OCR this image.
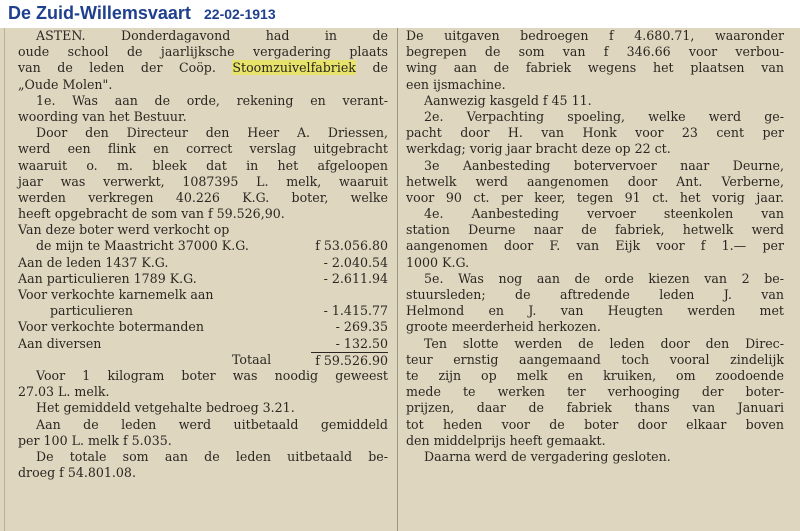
De Zuid-Willemsvaart 22-02-1913
ASTEN. Donderdagavond had in de
oude school de jaarlijksche vergadering plaats
van de leden der Coöp. Stoomzuivelfabriek de
„Oude Molen".
1e. Was aan de orde, rekening en verant-
woording van het Bestuur.
Door den Directeur den Heer A. Driessen,
werd een flink en correct verslag uitgebracht
waaruit o. m. bleek dat in het afgeloopen
jaar was verwerkt, 1087395 L. melk, waaruit
werden verkregen 40.226 K.G. boter, welke
heeft opgebracht de som van f 59.526,90.
Van deze boter werd verkocht op
de mijn te Maastricht 37000 K.G.	f 53.056.80
Aan de leden 1437 K.G.	- 2.040.54
Aan particulieren 1789 K.G.	- 2.611.94
Voor verkochte karnemelk aan
particulieren	- 1.415.77
Voor verkochte botermanden	- 269.35
Aan diversen	- 132.50
Totaal	f 59.526.90
Voor 1 kilogram boter was noodig geweest
27.03 L. melk.
Het gemiddeld vetgehalte bedroeg 3.21.
Aan de leden werd uitbetaald gemiddeld
per 100 L. melk f 5.035.
De totale som aan de leden uitbetaald be-
droeg f 54.801.08.
De uitgaven bedroegen f 4.680.71, waaronder
begrepen de som van f 346.66 voor verbou-
wing aan de fabriek wegens het plaatsen van
een ijsmachine.
Aanwezig kasgeld f 45 11.
2e. Verpachting spoeling, welke werd ge-
pacht door H. van Honk voor 23 cent per
werkdag; vorig jaar bracht deze op 22 ct.
3e Aanbesteding botervervoer naar Deurne,
hetwelk werd aangenomen door Ant. Verberne,
voor 90 ct. per keer, tegen 91 ct. het vorig jaar.
4e. Aanbesteding vervoer steenkolen van
station Deurne naar de fabriek, hetwelk werd
aangenomen door F. van Eijk voor f 1.— per
1000 K.G.
5e. Was nog aan de orde kiezen van 2 be-
stuursleden; de aftredende leden J. van
Helmond en J. van Heugten werden met
groote meerderheid herkozen.
Ten slotte werden de leden door den Direc-
teur ernstig aangemaand toch vooral zindelijk
te zijn op melk en kruiken, om zoodoende
mede te werken ter verhooging der boter-
prijzen, daar de fabriek thans van Januari
tot heden voor de boter door elkaar boven
den middelprijs heeft gemaakt.
Daarna werd de vergadering gesloten.
